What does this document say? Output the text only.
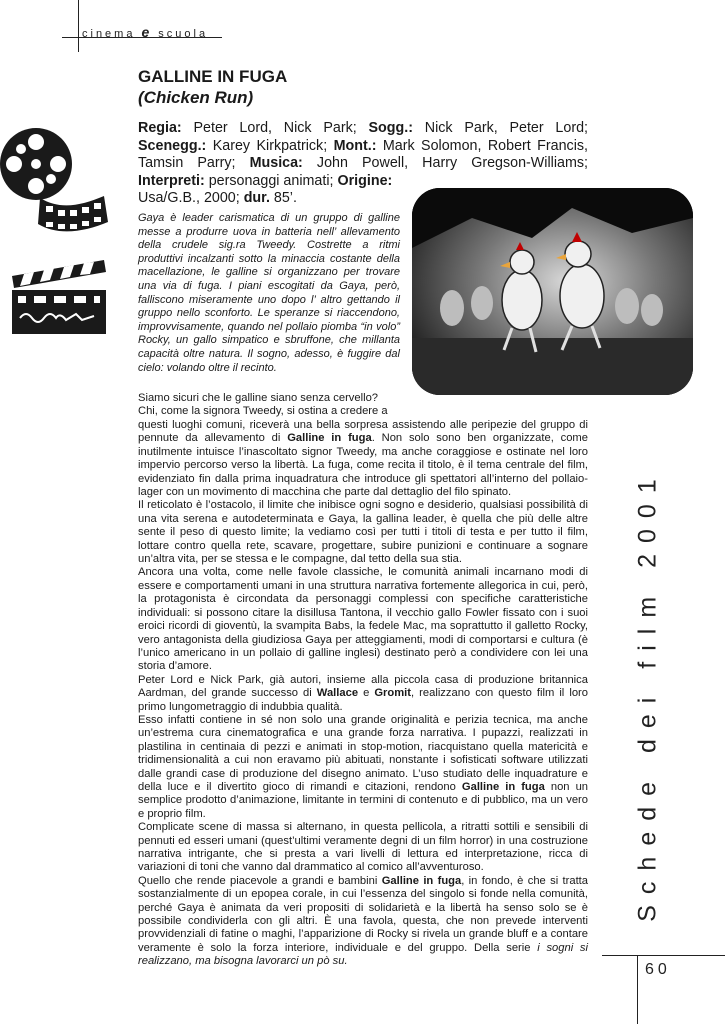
cinema e scuola
GALLINE IN FUGA
(Chicken Run)
Regia: Peter Lord, Nick Park; Sogg.: Nick Park, Peter Lord; Scenegg.: Karey Kirkpatrick; Mont.: Mark Solomon, Robert Francis, Tamsin Parry; Musica: John Powell, Harry Gregson-Williams; Interpreti: personaggi animati; Origine:
Usa/G.B., 2000; dur. 85’.
Gaya è leader carismatica di un gruppo di galline messe a produrre uova in batteria nell’ allevamento della crudele sig.ra Tweedy. Costrette a ritmi produttivi incalzanti sotto la minaccia costante della macellazione, le galline si organizzano per trovare una via di fuga. I piani escogitati da Gaya, però, falliscono miseramente uno dopo l’ altro gettando il gruppo nello sconforto. Le speranze si riaccendono, improvvisamente, quando nel pollaio piomba “in volo” Rocky, un gallo simpatico e sbruffone, che millanta capacità oltre natura. Il sogno, adesso, è fuggire dal cielo: volando oltre il recinto.

Siamo sicuri che le galline siano senza cervello?

Chi, come la signora Tweedy, si ostina a credere a

questi luoghi comuni, riceverà una bella sorpresa assistendo alle peripezie del gruppo di pennute da allevamento di Galline in fuga. Non solo sono ben organizzate, come inutilmente intuisce l’inascoltato signor Tweedy, ma anche coraggiose e ostinate nel loro impervio percorso verso la libertà. La fuga, come recita il titolo, è il tema centrale del film, evidenziato fin dalla prima inquadratura che introduce gli spettatori all’interno del pollaio-lager con un movimento di macchina che parte dal dettaglio del filo spinato.

Il reticolato è l’ostacolo, il limite che inibisce ogni sogno e desiderio, qualsiasi possibilità di una vita serena e autodeterminata e Gaya, la gallina leader, è quella che più delle altre sente il peso di questo limite; la vediamo così per tutti i titoli di testa e per tutto il film, lottare contro quella rete, scavare, progettare, subire punizioni e continuare a sognare un’altra vita, per se stessa e le compagne, dal tetto della sua stia.

Ancora una volta, come nelle favole classiche, le comunità animali incarnano modi di essere e comportamenti umani in una struttura narrativa fortemente allegorica in cui, però, la protagonista è circondata da personaggi complessi con specifiche caratteristiche individuali: si possono citare la disillusa Tantona, il vecchio gallo Fowler fissato con i suoi eroici ricordi di gioventù, la svampita Babs, la fedele Mac, ma soprattutto il galletto Rocky, vero antagonista della giudiziosa Gaya per atteggiamenti, modi di comportarsi e cultura (è l’unico americano in un pollaio di galline inglesi) destinato però a condividere con lei una storia d’amore.

Peter Lord e Nick Park, già autori, insieme alla piccola casa di produzione britannica Aardman, del grande successo di Wallace e Gromit, realizzano con questo film il loro primo lungometraggio di indubbia qualità.

Esso infatti contiene in sé non solo una grande originalità e perizia tecnica, ma anche un’estrema cura cinematografica e una grande forza narrativa. I pupazzi, realizzati in plastilina in centinaia di pezzi e animati in stop-motion, riacquistano quella matericità e tridimensionalità a cui non eravamo più abituati, nonstante i sofisticati software utilizzati dalle grandi case di produzione del disegno animato. L’uso studiato delle inquadrature e della luce e il divertito gioco di rimandi e citazioni, rendono Galline in fuga non un semplice prodotto d’animazione, limitante in termini di contenuto e di pubblico, ma un vero e proprio film.

Complicate scene di massa si alternano, in questa pellicola, a ritratti sottili e sensibili di pennuti ed esseri umani (quest’ultimi veramente degni di un film horror) in una costruzione narrativa intrigante, che si presta a vari livelli di lettura ed interpretazione, ricca di variazioni di toni che vanno dal drammatico al comico all’avventuroso.

Quello che rende piacevole a grandi e bambini Galline in fuga, in fondo, è che si tratta sostanzialmente di un epopea corale, in cui l’essenza del singolo si fonde nella comunità, perché Gaya è animata da veri propositi di solidarietà e la libertà ha senso solo se è possibile condividerla con gli altri. È una favola, questa, che non prevede interventi provvidenziali di fatine o maghi, l’apparizione di Rocky si rivela un grande bluff e a contare veramente è solo la forza interiore, individuale e del gruppo. Della serie i sogni si realizzano, ma bisogna lavorarci un pò su.

Schede dei film 2001
60
